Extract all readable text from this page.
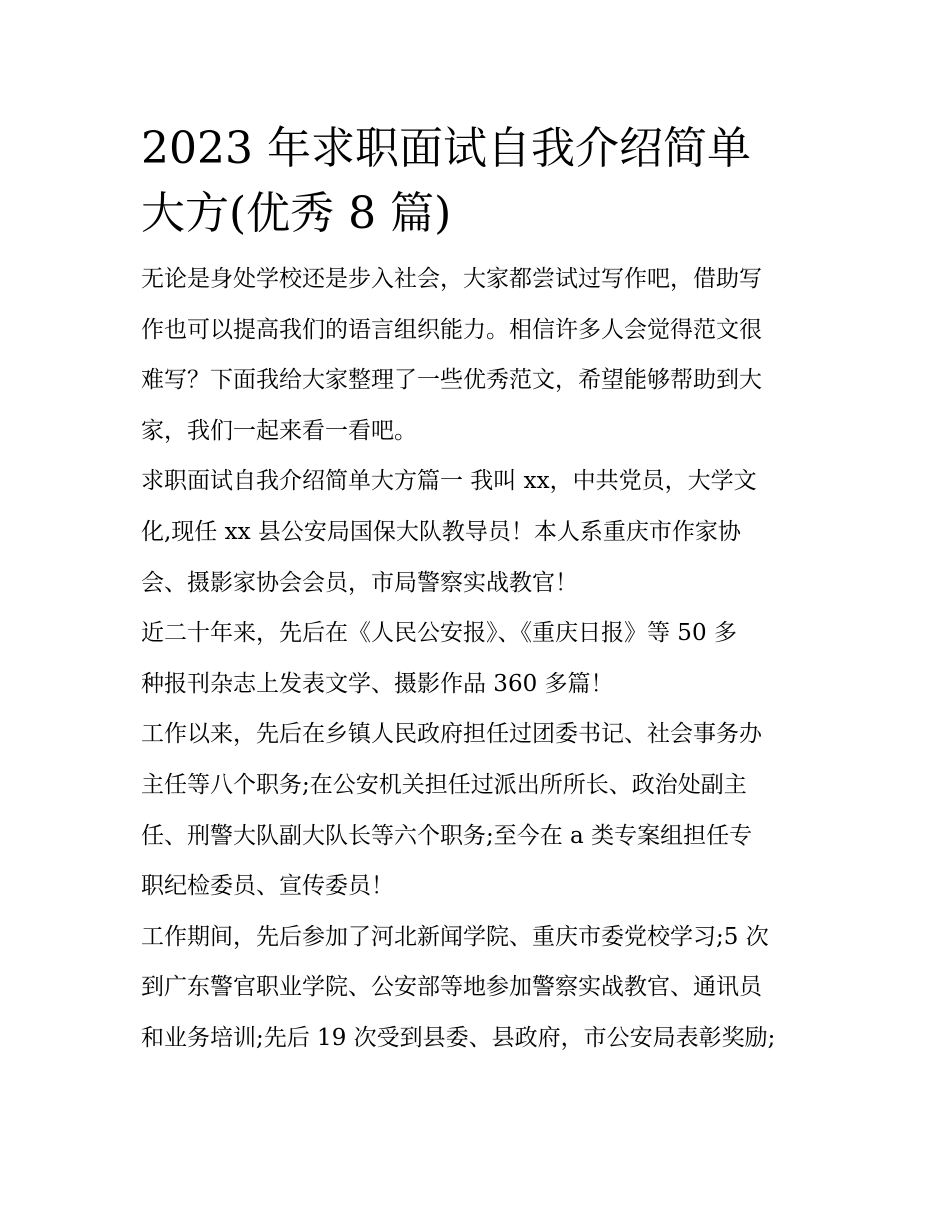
2023 年求职面试自我介绍简单
大方(优秀 8 篇)

无论是身处学校还是步入社会，大家都尝试过写作吧，借助写
作也可以提高我们的语言组织能力。相信许多人会觉得范文很
难写？下面我给大家整理了一些优秀范文，希望能够帮助到大
家，我们一起来看一看吧。

求职面试自我介绍简单大方篇一 我叫 xx，中共党员，大学文
化,现任 xx 县公安局国保大队教导员！本人系重庆市作家协
会、摄影家协会会员，市局警察实战教官！

近二十年来，先后在《人民公安报》、《重庆日报》等 50 多
种报刊杂志上发表文学、摄影作品 360 多篇！

工作以来，先后在乡镇人民政府担任过团委书记、社会事务办
主任等八个职务;在公安机关担任过派出所所长、政治处副主
任、刑警大队副大队长等六个职务;至今在 a 类专案组担任专
职纪检委员、宣传委员！

工作期间，先后参加了河北新闻学院、重庆市委党校学习;5 次
到广东警官职业学院、公安部等地参加警察实战教官、通讯员
和业务培训;先后 19 次受到县委、县政府，市公安局表彰奖励;
